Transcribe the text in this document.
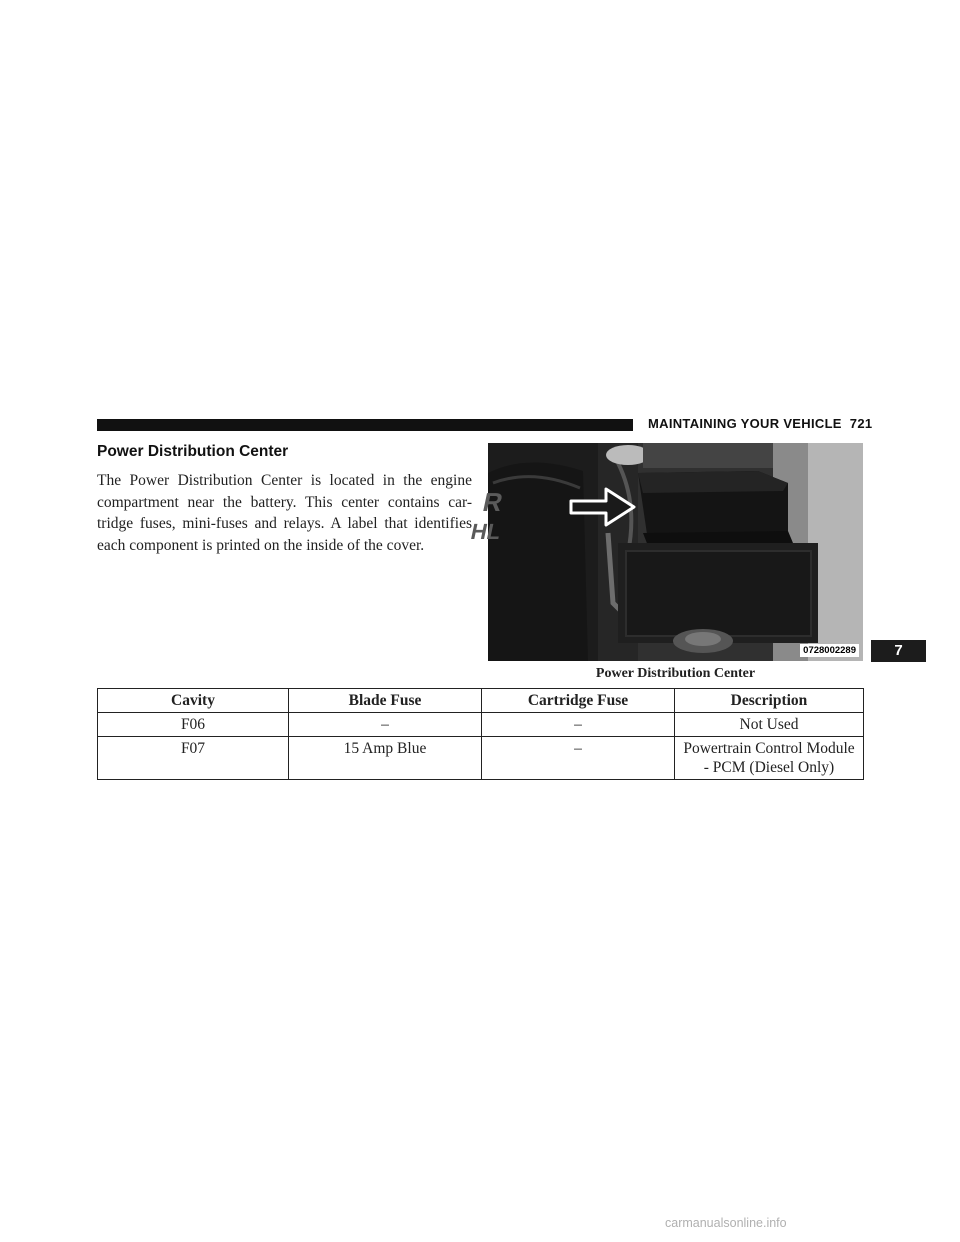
MAINTAINING YOUR VEHICLE 721
Power Distribution Center
The Power Distribution Center is located in the engine compartment near the battery. This center contains car-tridge fuses, mini-fuses and relays. A label that identifies each component is printed on the inside of the cover.
R
HL
0728002289
Power Distribution Center
7
Cavity	Blade Fuse	Cartridge Fuse	Description
F06	–	–	Not Used
F07	15 Amp Blue	–	Powertrain Control Module - PCM (Diesel Only)
carmanualsonline.info
